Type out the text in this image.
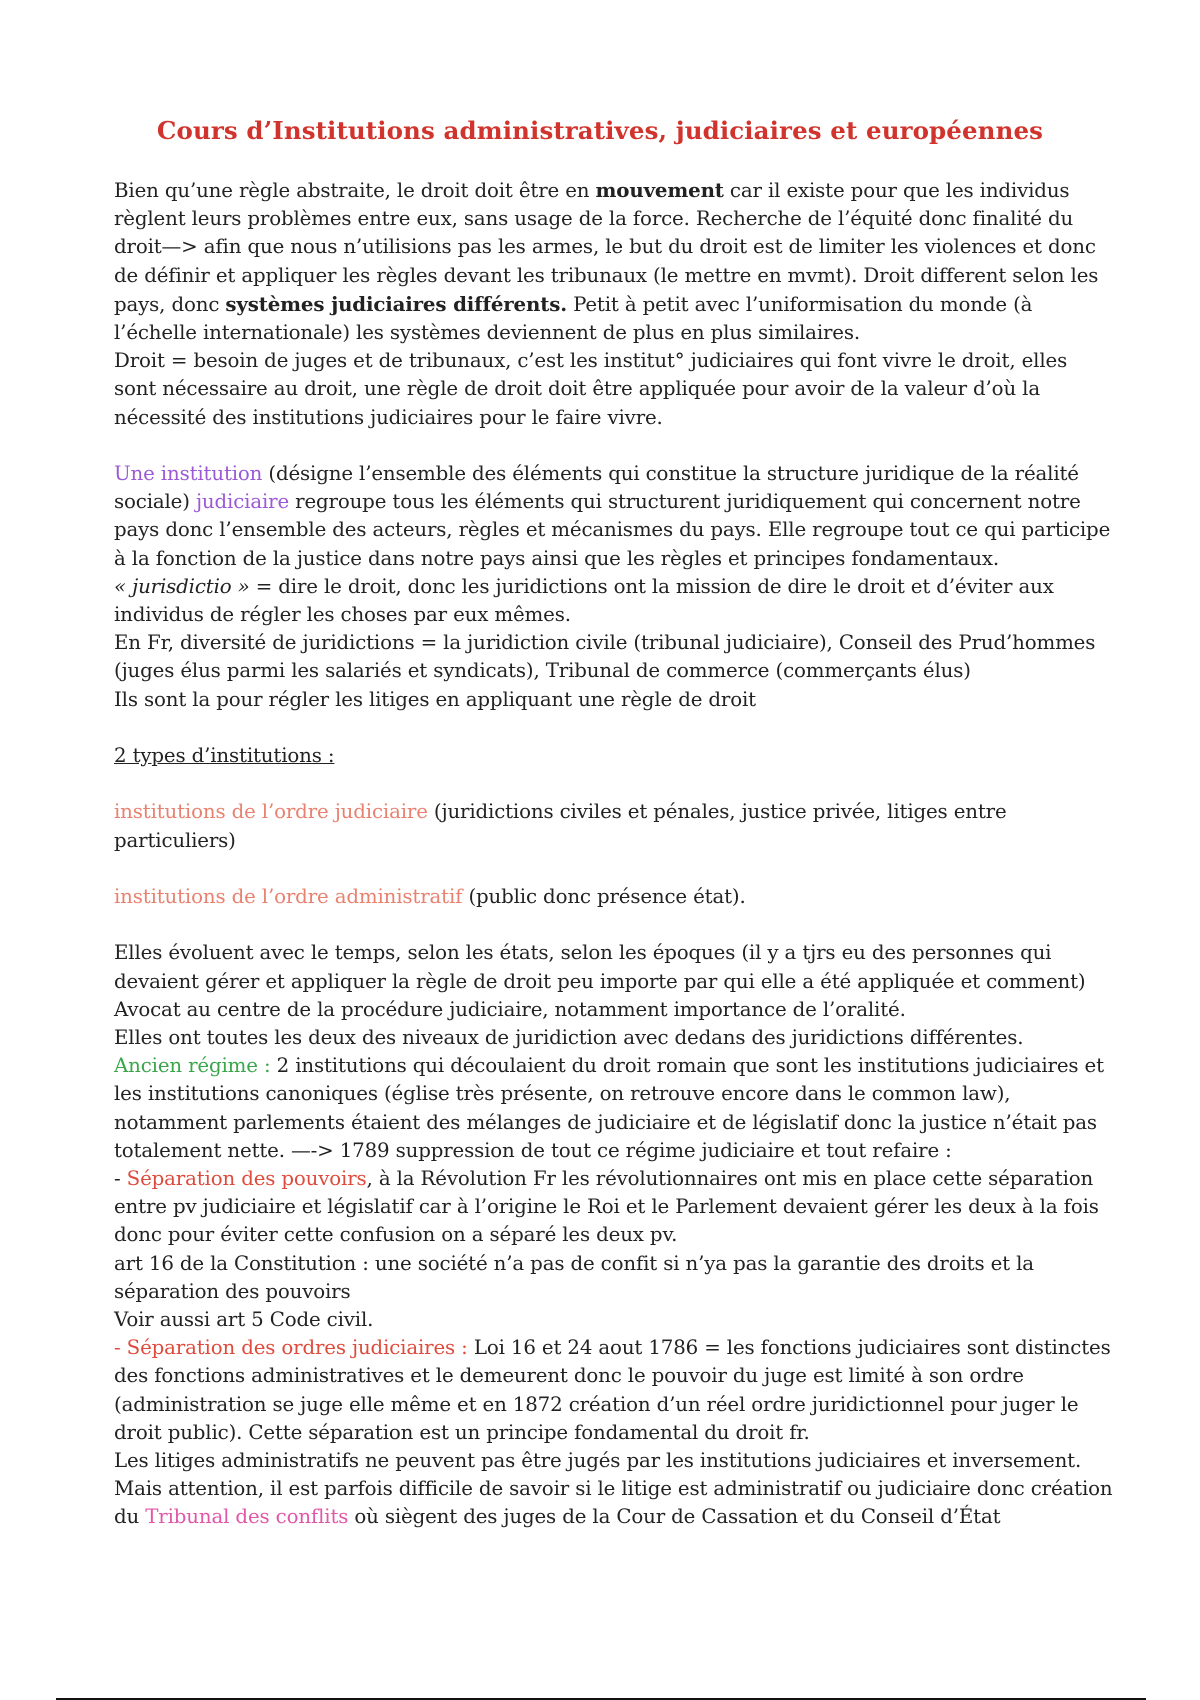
Cours d’Institutions administratives, judiciaires et européennes

Bien qu’une règle abstraite, le droit doit être en mouvement car il existe pour que les individus règlent leurs problèmes entre eux, sans usage de la force. Recherche de l’équité donc finalité du droit—> afin que nous n’utilisions pas les armes, le but du droit est de limiter les violences et donc de définir et appliquer les règles devant les tribunaux (le mettre en mvmt). Droit different selon les pays, donc systèmes judiciaires différents. Petit à petit avec l’uniformisation du monde (à l’échelle internationale) les systèmes deviennent de plus en plus similaires.

Droit = besoin de juges et de tribunaux, c’est les institut° judiciaires qui font vivre le droit, elles sont nécessaire au droit, une règle de droit doit être appliquée pour avoir de la valeur d’où la nécessité des institutions judiciaires pour le faire vivre.

Une institution (désigne l’ensemble des éléments qui constitue la structure juridique de la réalité sociale) judiciaire regroupe tous les éléments qui structurent juridiquement qui concernent notre pays donc l’ensemble des acteurs, règles et mécanismes du pays. Elle regroupe tout ce qui participe à la fonction de la justice dans notre pays ainsi que les règles et principes fondamentaux.

« jurisdictio » = dire le droit, donc les juridictions ont la mission de dire le droit et d’éviter aux individus de régler les choses par eux mêmes.

En Fr, diversité de juridictions = la juridiction civile (tribunal judiciaire), Conseil des Prud’hommes (juges élus parmi les salariés et syndicats), Tribunal de commerce (commerçants élus)

Ils sont la pour régler les litiges en appliquant une règle de droit

2 types d’institutions :

institutions de l’ordre judiciaire (juridictions civiles et pénales, justice privée, litiges entre particuliers)

institutions de l’ordre administratif (public donc présence état).

Elles évoluent avec le temps, selon les états, selon les époques (il y a tjrs eu des personnes qui devaient gérer et appliquer la règle de droit peu importe par qui elle a été appliquée et comment)

Avocat au centre de la procédure judiciaire, notamment importance de l’oralité.

Elles ont toutes les deux des niveaux de juridiction avec dedans des juridictions différentes.

Ancien régime : 2 institutions qui découlaient du droit romain que sont les institutions judiciaires et les institutions canoniques (église très présente, on retrouve encore dans le common law), notamment parlements étaient des mélanges de judiciaire et de législatif donc la justice n’était pas totalement nette. —-> 1789 suppression de tout ce régime judiciaire et tout refaire :

- Séparation des pouvoirs, à la Révolution Fr les révolutionnaires ont mis en place cette séparation entre pv judiciaire et législatif car à l’origine le Roi et le Parlement devaient gérer les deux à la fois donc pour éviter cette confusion on a séparé les deux pv.

art 16 de la Constitution : une société n’a pas de confit si n’ya pas la garantie des droits et la séparation des pouvoirs

Voir aussi art 5 Code civil.

- Séparation des ordres judiciaires : Loi 16 et 24 aout 1786 = les fonctions judiciaires sont distinctes des fonctions administratives et le demeurent donc le pouvoir du juge est limité à son ordre (administration se juge elle même et en 1872 création d’un réel ordre juridictionnel pour juger le droit public). Cette séparation est un principe fondamental du droit fr.

Les litiges administratifs ne peuvent pas être jugés par les institutions judiciaires et inversement.

Mais attention, il est parfois difficile de savoir si le litige est administratif ou judiciaire donc création du Tribunal des conflits où siègent des juges de la Cour de Cassation et du Conseil d’État
